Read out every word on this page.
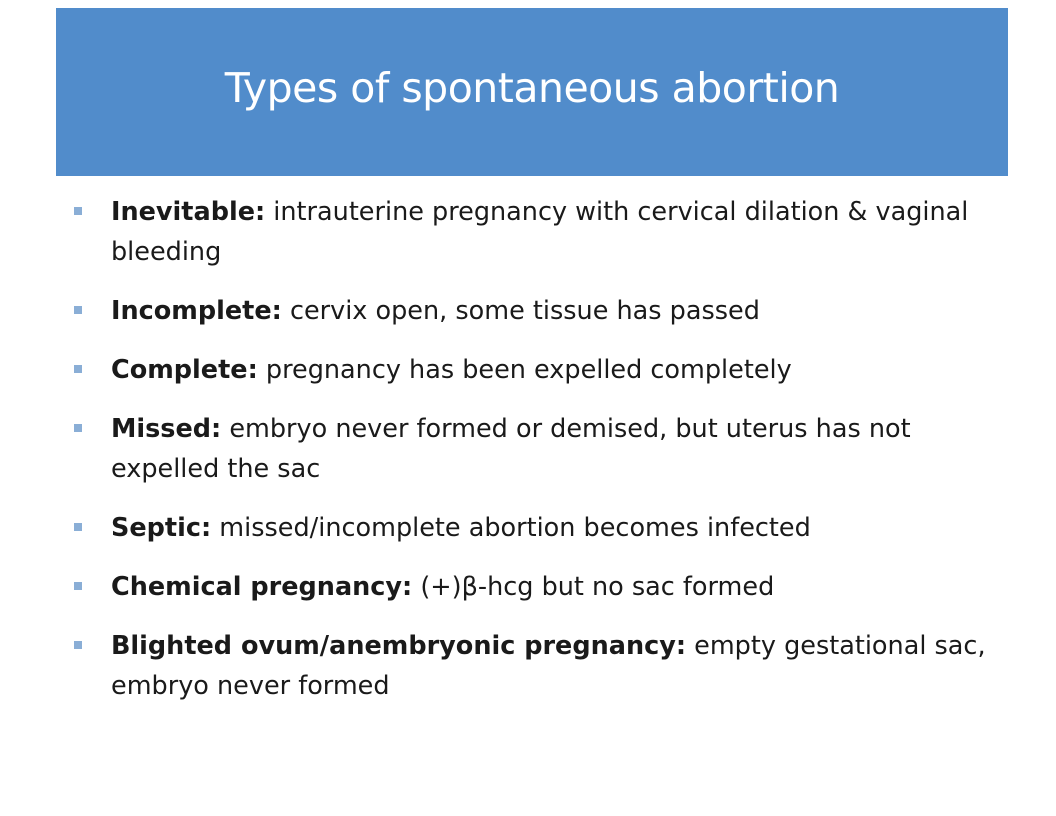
Types of spontaneous abortion
Inevitable: intrauterine pregnancy with cervical dilation & vaginal bleeding
Incomplete: cervix open, some tissue has passed
Complete: pregnancy has been expelled completely
Missed: embryo never formed or demised, but uterus has not expelled the sac
Septic: missed/incomplete abortion becomes infected
Chemical pregnancy: (+)β-hcg but no sac formed
Blighted ovum/anembryonic pregnancy: empty gestational sac, embryo never formed
